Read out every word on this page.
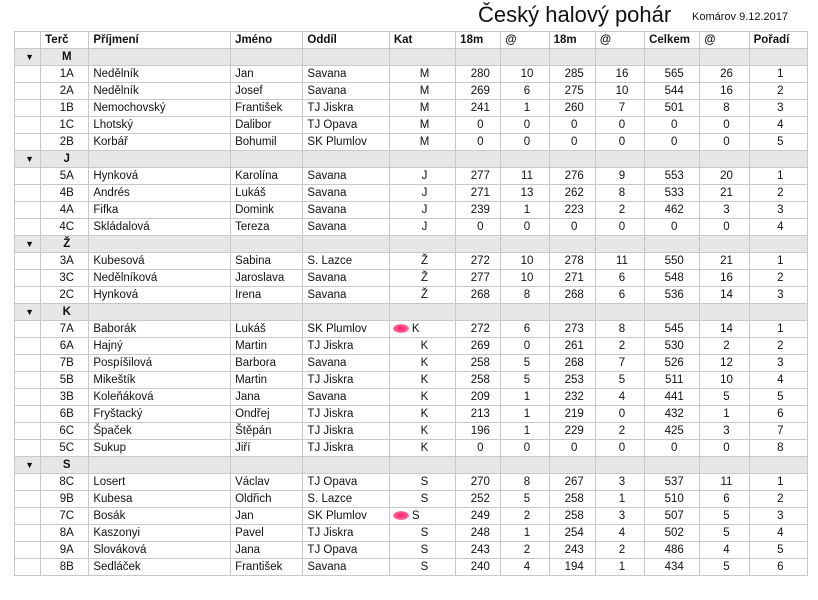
Český halový pohár Komárov 9.12.2017
	Terč	Příjmení	Jméno	Oddíl	Kat	18m	@	18m	@	Celkem	@	Pořadí
▼	M											
	1A	Nedělník	Jan	Savana	M	280	10	285	16	565	26	1
	2A	Nedělník	Josef	Savana	M	269	6	275	10	544	16	2
	1B	Nemochovský	František	TJ Jiskra	M	241	1	260	7	501	8	3
	1C	Lhotský	Dalibor	TJ Opava	M	0	0	0	0	0	0	4
	2B	Korbář	Bohumil	SK Plumlov	M	0	0	0	0	0	0	5
▼	J											
	5A	Hynková	Karolína	Savana	J	277	11	276	9	553	20	1
	4B	Andrés	Lukáš	Savana	J	271	13	262	8	533	21	2
	4A	Fifka	Domink	Savana	J	239	1	223	2	462	3	3
	4C	Skládalová	Tereza	Savana	J	0	0	0	0	0	0	4
▼	Ž											
	3A	Kubesová	Sabina	S. Lazce	Ž	272	10	278	11	550	21	1
	3C	Nedělníková	Jaroslava	Savana	Ž	277	10	271	6	548	16	2
	2C	Hynková	Irena	Savana	Ž	268	8	268	6	536	14	3
▼	K											
	7A	Baborák	Lukáš	SK Plumlov	K	272	6	273	8	545	14	1
	6A	Hajný	Martin	TJ Jiskra	K	269	0	261	2	530	2	2
	7B	Pospíšilová	Barbora	Savana	K	258	5	268	7	526	12	3
	5B	Mikeštík	Martin	TJ Jiskra	K	258	5	253	5	511	10	4
	3B	Koleňáková	Jana	Savana	K	209	1	232	4	441	5	5
	6B	Fryštacký	Ondřej	TJ Jiskra	K	213	1	219	0	432	1	6
	6C	Špaček	Štěpán	TJ Jiskra	K	196	1	229	2	425	3	7
	5C	Sukup	Jiří	TJ Jiskra	K	0	0	0	0	0	0	8
▼	S											
	8C	Losert	Václav	TJ Opava	S	270	8	267	3	537	11	1
	9B	Kubesa	Oldřich	S. Lazce	S	252	5	258	1	510	6	2
	7C	Bosák	Jan	SK Plumlov	S	249	2	258	3	507	5	3
	8A	Kaszonyi	Pavel	TJ Jiskra	S	248	1	254	4	502	5	4
	9A	Slováková	Jana	TJ Opava	S	243	2	243	2	486	4	5
	8B	Sedláček	František	Savana	S	240	4	194	1	434	5	6
